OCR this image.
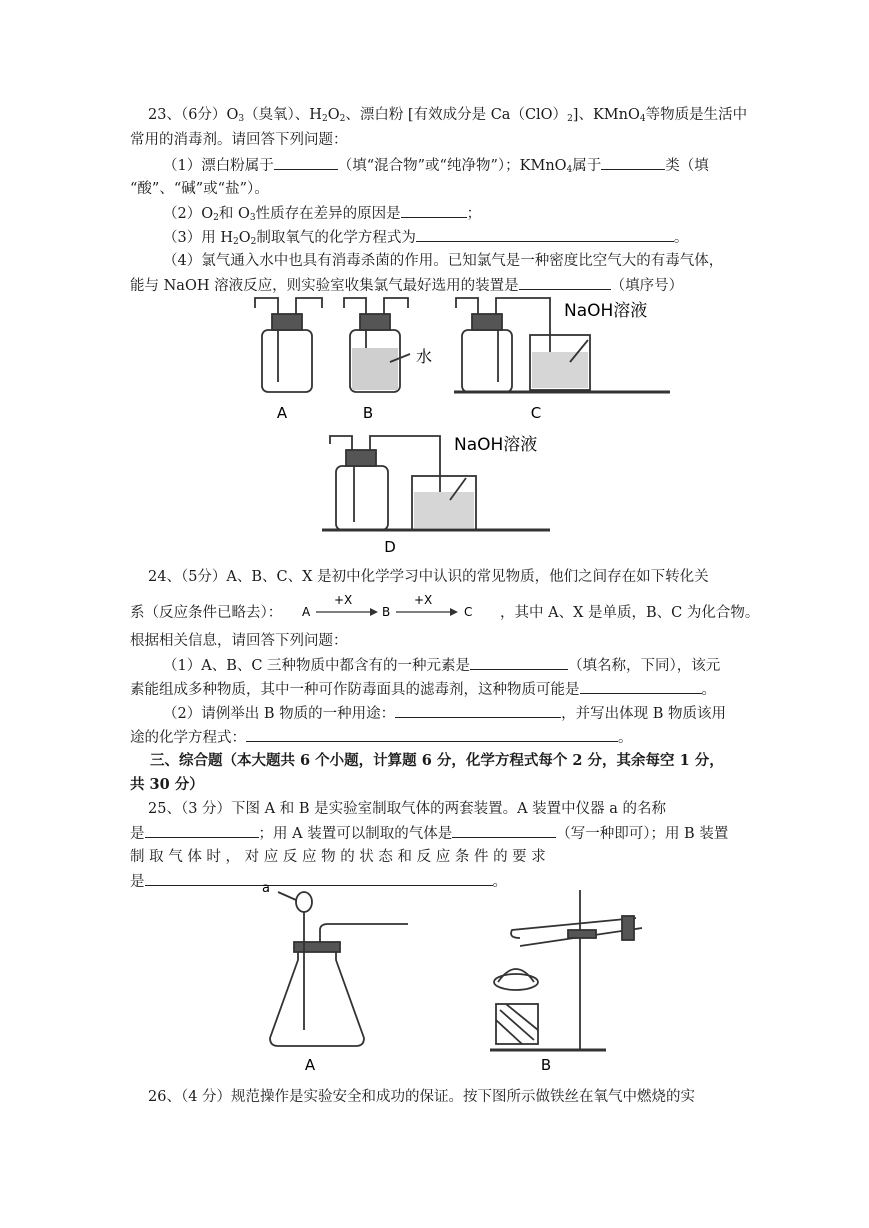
23、（6分）$O_3$（臭氧）、$H_2O_2$、漂白粉 [有效成分是 $Ca(ClO)_2$]、KMnO$_4$等物质是生活中
常用的消毒剂。请回答下列问题：
（1）漂白粉属于	（填“混合物”或“纯净物”）；KMnO$_4$属于	类（填
“酸”、“碱”或“盐”）。
$(2)O_2$和 $O_3$性质存在差异的原因是	；
（3）用 $H_2O_2$制取氧气的化学方程式为	。
（4）氯气通入水中也具有消毒杀菌的作用。已知氯气是一种密度比空气大的有毒气体，
能与 NaOH 溶液反应，则实验室收集氯气最好选用的装置是	（填序号）
A	B	C
D
水
NaOH溶液
NaOH溶液
24、（5分）A、B、C、X 是初中化学学习中认识的常见物质，他们之间存在如下转化关
系（反应条件已略去）： A	B	C
+X	+X
，其中 A、X 是单质，B、C 为化合物。
根据相关信息，请回答下列问题：
（1）A、B、C 三种物质中都含有的一种元素是	（填名称，下同），该元
素能组成多种物质，其中一种可作防毒面具的滤毒剂，这种物质可能是	。
（2）请例举出 B 物质的一种用途：	，并写出体现 B 物质该用
途的化学方程式：	。
三、综合题（本大题共 6 个小题，计算题 6 分，化学方程式每个 2 分，其余每空 1 分，
共 30 分）
25、（3 分）下图 A 和 B 是实验室制取气体的两套装置。A 装置中仪器 a 的名称
是	；用 A 装置可以制取的气体是	（写一种即可）；用 B 装置
制 取 气 体 时 ， 对 应 反 应 物 的 状 态 和 反 应 条 件 的 要 求
是	。
a
A	B
26、（4 分）规范操作是实验安全和成功的保证。按下图所示做铁丝在氧气中燃烧的实
